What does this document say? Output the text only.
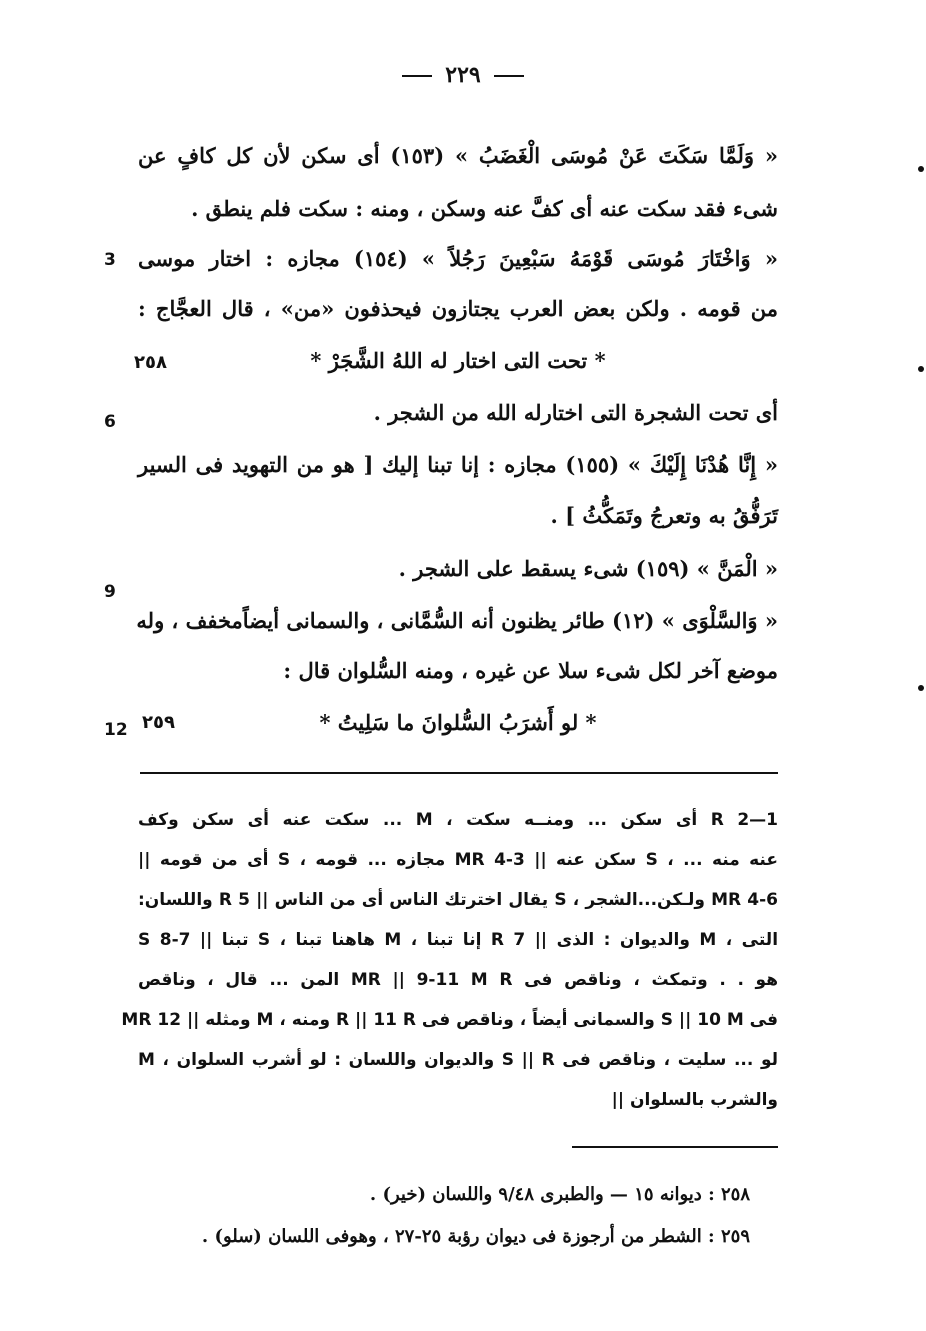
٢٢٩
« وَلَمَّا سَكَتَ عَنْ مُوسَى الْغَضَبُ » (١٥٣) أى سكن لأن كل كافٍ عن
شىء فقد سكت عنه أى كفَّ عنه وسكن ، ومنه : سكت فلم ينطق .
« وَاخْتَارَ مُوسَى قَوْمَهُ سَبْعِينَ رَجُلاً » (١٥٤) مجازه : اختار موسى
3
من قومه . ولكن بعض العرب يجتازون فيحذفون «من» ، قال العجَّاج :
* تحت التى اختار له اللهُ الشَّجَرْ *
٢٥٨
أى تحت الشجرة التى اختارله الله من الشجر .
6
« إِنَّا هُدْنَا إِلَيْكَ » (١٥٥) مجازه : إنا تبنا إليك [ هو من التهويد فى السير
تَرَفُّقُ به وتعرجُ وتَمَكُّثُ ] .
« الْمَنَّ » (١٥٩) شىء يسقط على الشجر .
9
« وَالسَّلْوَى » (١٢) طائر يظنون أنه السُّمَّانى ، والسمانى أيضاًمخفف ، وله
موضع آخر لكل شىء سلا عن غيره ، ومنه السُّلوان قال :
* لو أَشرَبُ السُّلوانَ ما سَلِيتُ *
٢٥٩
12
1—2 R أى سكن ... ومنــه سكت ، M ... سكت عنه أى سكن وكف
عنه منه ... ، S سكن عنه || 3-4 MR مجازه ... قومه ، S أى من قومه ||
4-6 MR ولـكن...الشجر ، S يقال اخترتك الناس أى من الناس || R 5 واللسان:
التى ، M والديوان : الذى || R 7 إنا تبنا ، M هاهنا تبنا ، S تبنا || 7-8 S
هو . . وتمكث ، وناقص فى MR || 9-11 M R المن ... قال ، وناقص
فى S || 10 M والسمانى أيضاً ، وناقص فى R || 11 R ومنه ، M ومثله || 12 MR
لو ... سليت ، وناقص فى S || R والديوان واللسان : لو أشرب السلوان ، M
والشرب بالسلوان ||
٢٥٨ : ديوانه ١٥ — والطبرى ٩/٤٨ واللسان (خير) .
٢٥٩ : الشطر من أرجوزة فى ديوان رؤبة ٢٥-٢٧ ، وهوفى اللسان (سلو) .
